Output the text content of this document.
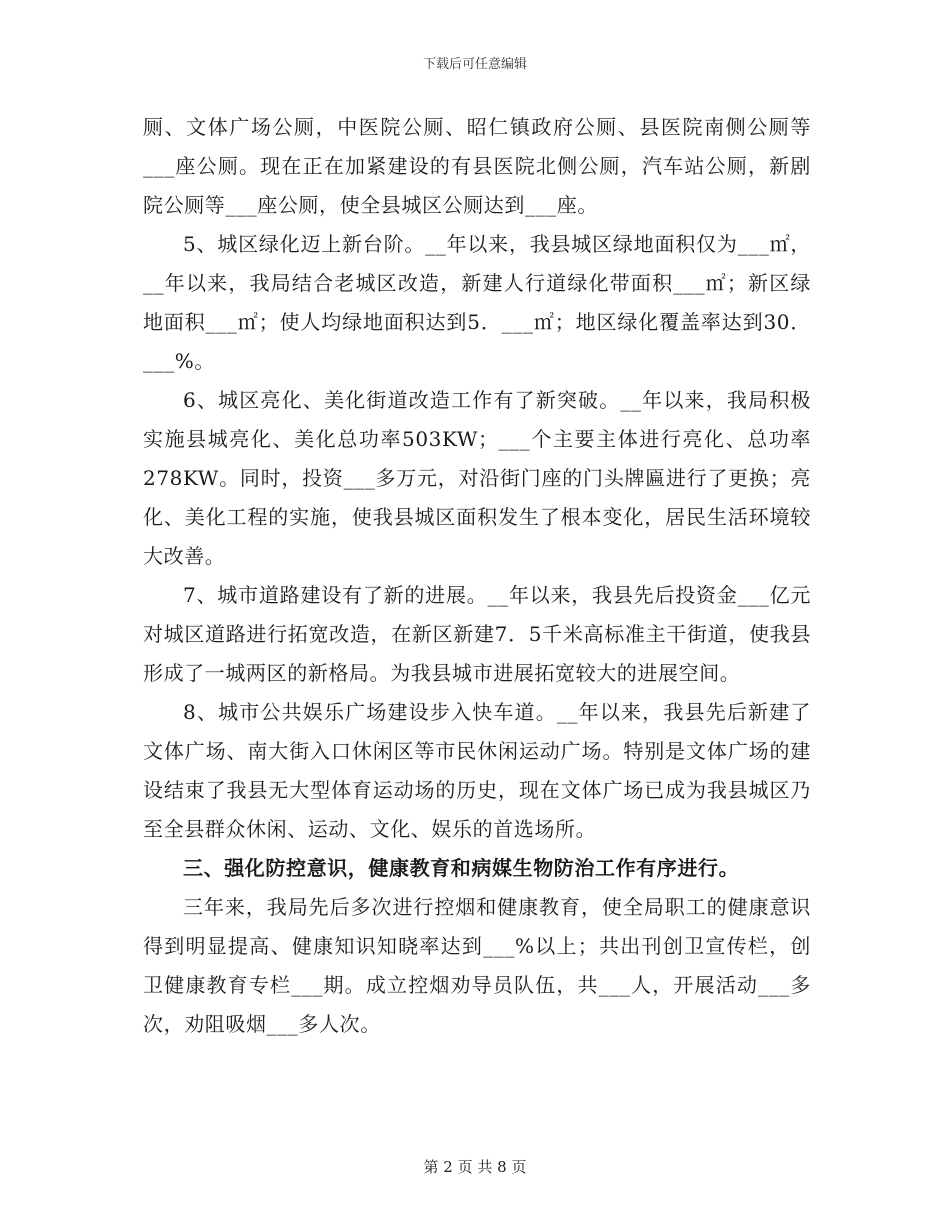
下载后可任意编辑

厕、文体广场公厕，中医院公厕、昭仁镇政府公厕、县医院南侧公厕等___座公厕。现在正在加紧建设的有县医院北侧公厕，汽车站公厕，新剧院公厕等___座公厕，使全县城区公厕达到___座。

5、城区绿化迈上新台阶。__年以来，我县城区绿地面积仅为___㎡，__年以来，我局结合老城区改造，新建人行道绿化带面积___㎡；新区绿地面积___㎡；使人均绿地面积达到5．___㎡；地区绿化覆盖率达到30．___%。

6、城区亮化、美化街道改造工作有了新突破。__年以来，我局积极实施县城亮化、美化总功率503KW；___个主要主体进行亮化、总功率278KW。同时，投资___多万元，对沿街门座的门头牌匾进行了更换；亮化、美化工程的实施，使我县城区面积发生了根本变化，居民生活环境较大改善。

7、城市道路建设有了新的进展。__年以来，我县先后投资金___亿元对城区道路进行拓宽改造，在新区新建7．5千米高标准主干街道，使我县形成了一城两区的新格局。为我县城市进展拓宽较大的进展空间。

8、城市公共娱乐广场建设步入快车道。__年以来，我县先后新建了文体广场、南大街入口休闲区等市民休闲运动广场。特别是文体广场的建设结束了我县无大型体育运动场的历史，现在文体广场已成为我县城区乃至全县群众休闲、运动、文化、娱乐的首选场所。

三、强化防控意识，健康教育和病媒生物防治工作有序进行。

三年来，我局先后多次进行控烟和健康教育，使全局职工的健康意识得到明显提高、健康知识知晓率达到___%以上；共出刊创卫宣传栏，创卫健康教育专栏___期。成立控烟劝导员队伍，共___人，开展活动___多次，劝阻吸烟___多人次。

第 2 页 共 8 页
